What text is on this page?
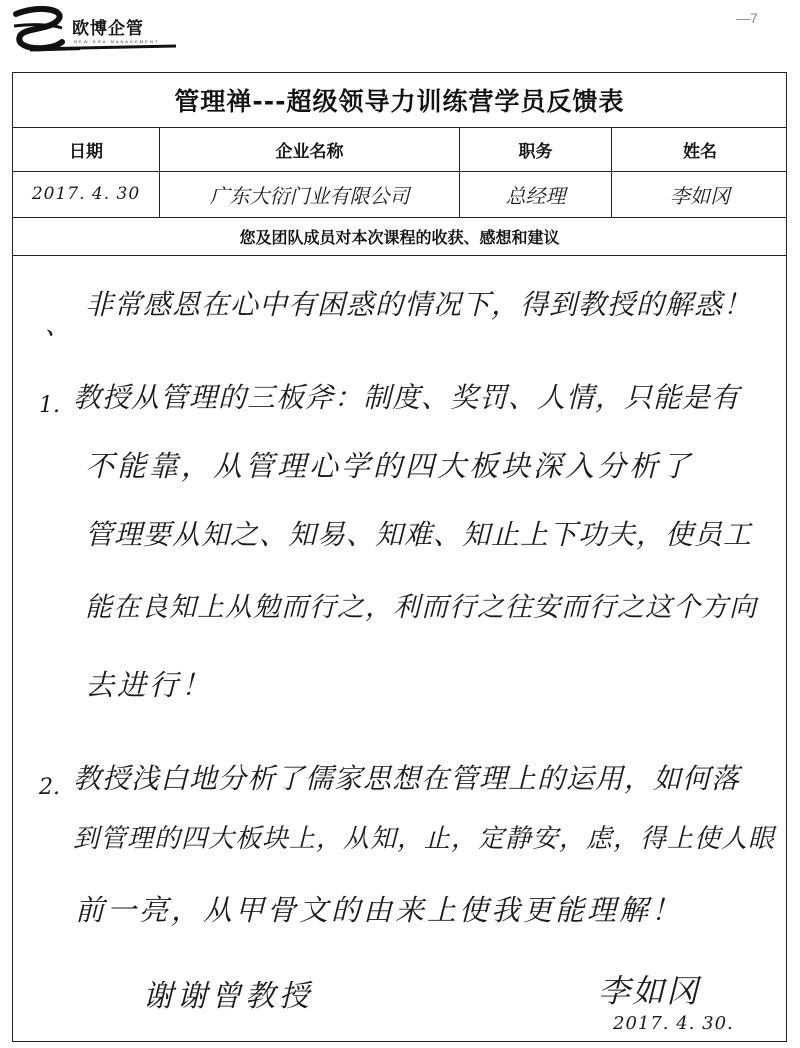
欧博企管
N E W · E R A · M A N A G E M E N T
—7
管理禅---超级领导力训练营学员反馈表
日期	企业名称	职务	姓名
2017. 4. 30	广东大衍门业有限公司	总经理	李如冈
您及团队成员对本次课程的收获、感想和建议
、
非常感恩在心中有困惑的情况下，得到教授的解惑！
1. 教授从管理的三板斧：制度、奖罚、人情，只能是有
不能靠，从管理心学的四大板块深入分析了
管理要从知之、知易、知难、知止上下功夫，使员工
能在良知上从勉而行之，利而行之往安而行之这个方向
去进行！
2. 教授浅白地分析了儒家思想在管理上的运用，如何落
到管理的四大板块上，从知，止，定静安，虑，得上使人眼
前一亮，从甲骨文的由来上使我更能理解！
谢谢曾教授	李如冈
2017. 4. 30.
